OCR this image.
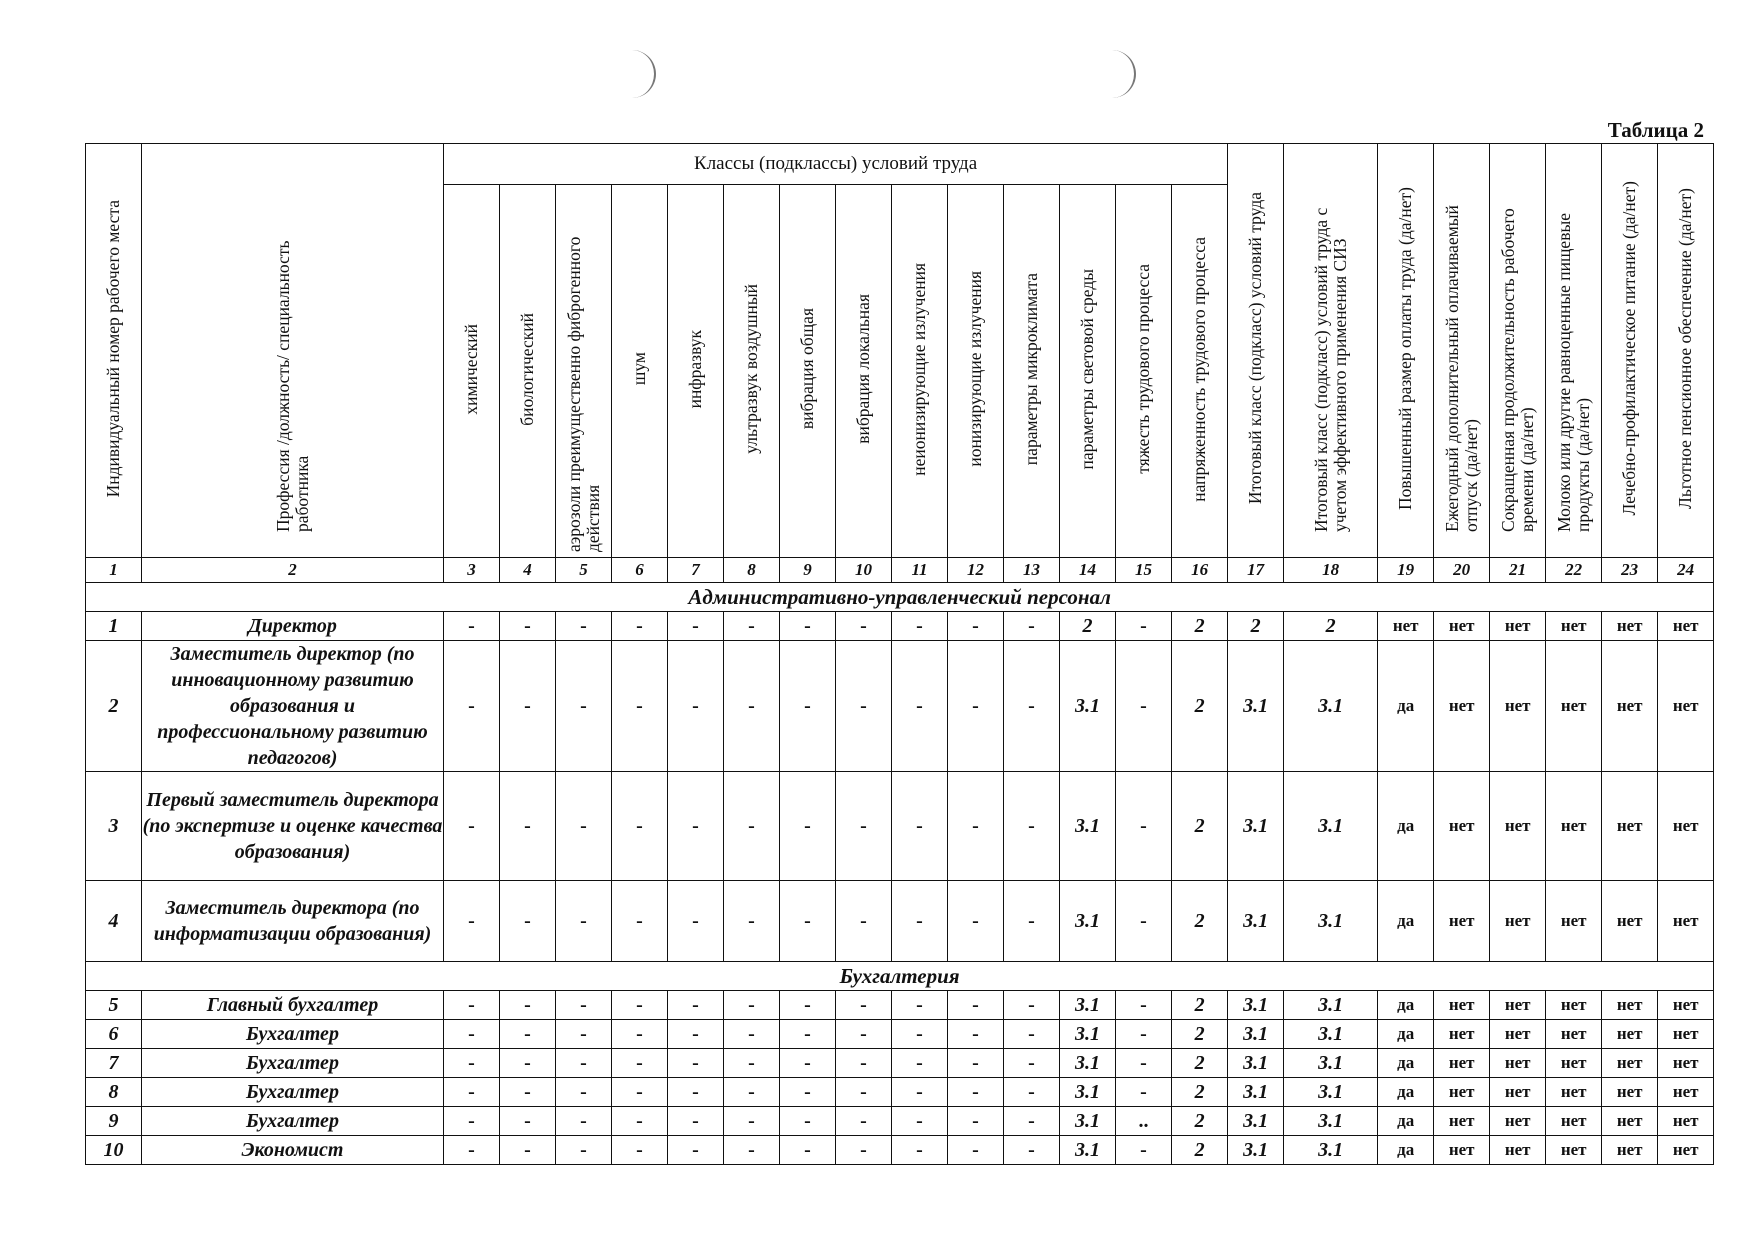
Таблица 2
Индивидуальный номер рабочего места	Профессия /должность/ специальность работника	Классы (подклассы) условий труда														Итоговый класс (подкласс) условий труда	Итоговый класс (подкласс) условий труда с учетом эффективного применения СИЗ	Повышенный размер оплаты труда (да/нет)	Ежегодный дополнительный оплачиваемый отпуск (да/нет)	Сокращенная продолжительность рабочего времени (да/нет)	Молоко или другие равноценные пищевые продукты (да/нет)	Лечебно-профилактическое питание (да/нет)	Льготное пенсионное обеспечение (да/нет)
		химический	биологический	аэрозоли преимущественно фиброгенного действия	шум	инфразвук	ультразвук воздушный	вибрация общая	вибрация локальная	неионизирующие излучения	ионизирующие излучения	параметры микроклимата	параметры световой среды	тяжесть трудового процесса	напряженность трудового процесса								
1	2	3	4	5	6	7	8	9	10	11	12	13	14	15	16	17	18	19	20	21	22	23	24
Административно-управленческий персонал																							
1	Директор	-	-	-	-	-	-	-	-	-	-	-	2	-	2	2	2	нет	нет	нет	нет	нет	нет
2	Заместитель директор (по инновационному развитию образования и профессиональному развитию педагогов)	-	-	-	-	-	-	-	-	-	-	-	3.1	-	2	3.1	3.1	да	нет	нет	нет	нет	нет
3	Первый заместитель директора (по экспертизе и оценке качества образования)	-	-	-	-	-	-	-	-	-	-	-	3.1	-	2	3.1	3.1	да	нет	нет	нет	нет	нет
4	Заместитель директора (по информатизации образования)	-	-	-	-	-	-	-	-	-	-	-	3.1	-	2	3.1	3.1	да	нет	нет	нет	нет	нет
Бухгалтерия																							
5	Главный бухгалтер	-	-	-	-	-	-	-	-	-	-	-	3.1	-	2	3.1	3.1	да	нет	нет	нет	нет	нет
6	Бухгалтер	-	-	-	-	-	-	-	-	-	-	-	3.1	-	2	3.1	3.1	да	нет	нет	нет	нет	нет
7	Бухгалтер	-	-	-	-	-	-	-	-	-	-	-	3.1	-	2	3.1	3.1	да	нет	нет	нет	нет	нет
8	Бухгалтер	-	-	-	-	-	-	-	-	-	-	-	3.1	-	2	3.1	3.1	да	нет	нет	нет	нет	нет
9	Бухгалтер	-	-	-	-	-	-	-	-	-	-	-	3.1	..	2	3.1	3.1	да	нет	нет	нет	нет	нет
10	Экономист	-	-	-	-	-	-	-	-	-	-	-	3.1	-	2	3.1	3.1	да	нет	нет	нет	нет	нет
